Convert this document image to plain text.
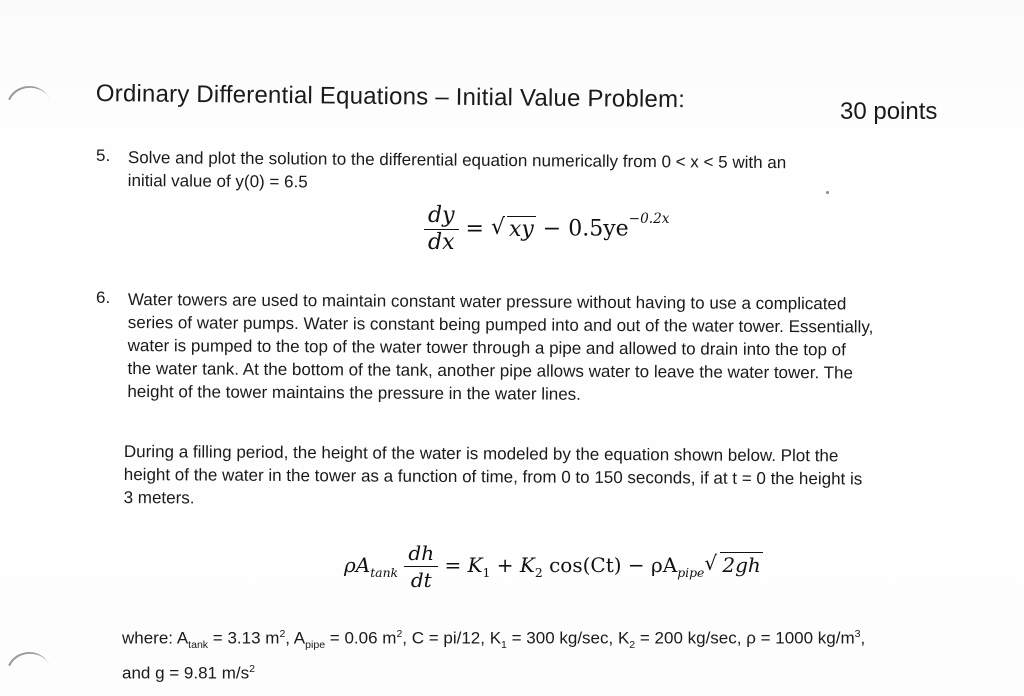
Ordinary Differential Equations – Initial Value Problem:	30 points
5. Solve and plot the solution to the differential equation numerically from 0 < x < 5 with an
initial value of y(0) = 6.5
$\frac{dy}{dx}$ = √ xy − $0.5ye^{-0.2x}$
6. Water towers are used to maintain constant water pressure without having to use a complicated
series of water pumps. Water is constant being pumped into and out of the water tower. Essentially,
water is pumped to the top of the water tower through a pipe and allowed to drain into the top of
the water tank. At the bottom of the tank, another pipe allows water to leave the water tower. The
height of the tower maintains the pressure in the water lines.
During a filling period, the height of the water is modeled by the equation shown below. Plot the
height of the water in the tower as a function of time, from 0 to 150 seconds, if at t = 0 the height is
3 meters.
$\rho A_{tank} \frac{dh}{dt} = K_1 + K_2$ $\cos(Ct) - \rho A_{pipe}$ √ 2gh
where: $A_{tank} = 3.13$ $m^2$, $A_{pipe} = 0.06$ $m^2$, C = pi/12, $K_1 = 300$ kg/sec, $K_2 = 200$ kg/sec, ρ = 1000 $kg/m^3$,
and g = 9.81 $m/s^2$
